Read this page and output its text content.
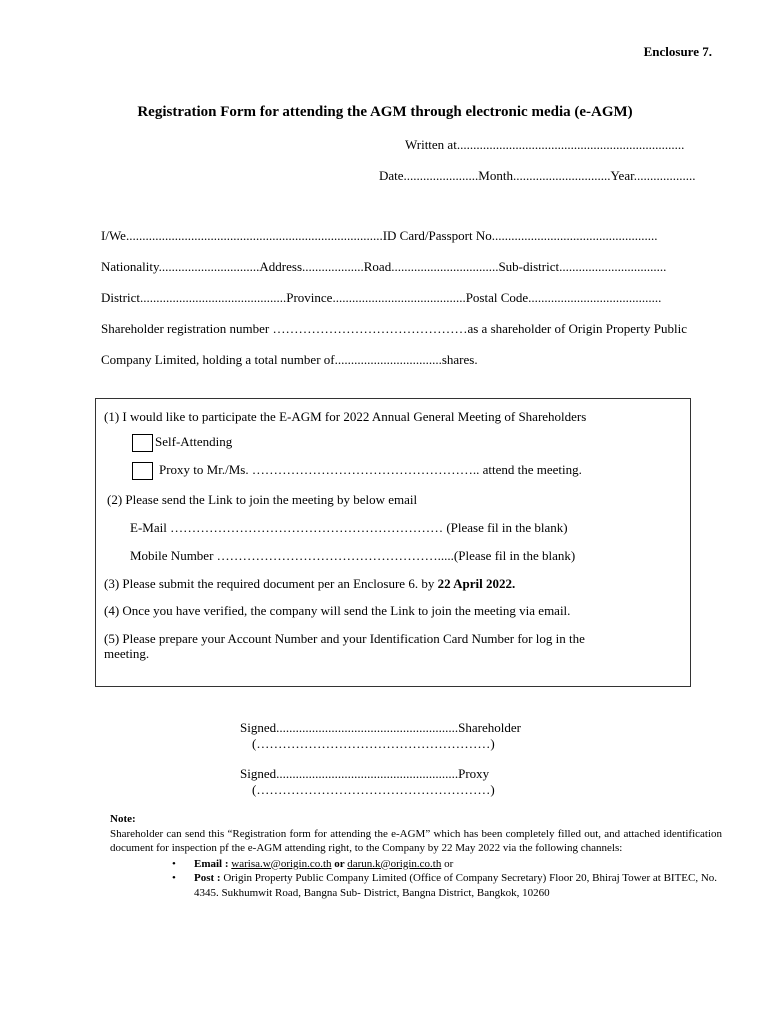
Enclosure 7.
Registration Form for attending the AGM through electronic media (e-AGM)
Written at......................................................................
Date.......................Month..............................Year...................
I/We...............................................................................ID Card/Passport No...................................................
Nationality...............................Address...................Road.................................Sub-district.................................
District.............................................Province.........................................Postal Code.........................................
Shareholder registration number ………………………………………as a shareholder of Origin Property Public
Company Limited, holding a total number of.................................shares.
(1) I would like to participate the E-AGM for 2022 Annual General Meeting of Shareholders
Self-Attending
Proxy to Mr./Ms. …………………………………………….. attend the meeting.
(2) Please send the Link to join the meeting by below email
E-Mail ……………………………………………………… (Please fil in the blank)
Mobile Number …………………………………………….....(Please fil in the blank)
(3) Please submit the required document per an Enclosure 6. by 22 April 2022.
(4) Once you have verified, the company will send the Link to join the meeting via email.
(5) Please prepare your Account Number and your Identification Card Number for log in the
meeting.
Signed........................................................Shareholder
(………………………………………………)
Signed........................................................Proxy
(………………………………………………)
Note:
Shareholder can send this “Registration form for attending the e-AGM” which has been completely filled out, and attached identification document for inspection pf the e-AGM attending right, to the Company by 22 May 2022 via the following channels:
• Email : warisa.w@origin.co.th or darun.k@origin.co.th or
• Post : Origin Property Public Company Limited (Office of Company Secretary) Floor 20, Bhiraj Tower at BITEC, No. 4345. Sukhumwit Road, Bangna Sub- District, Bangna District, Bangkok, 10260
